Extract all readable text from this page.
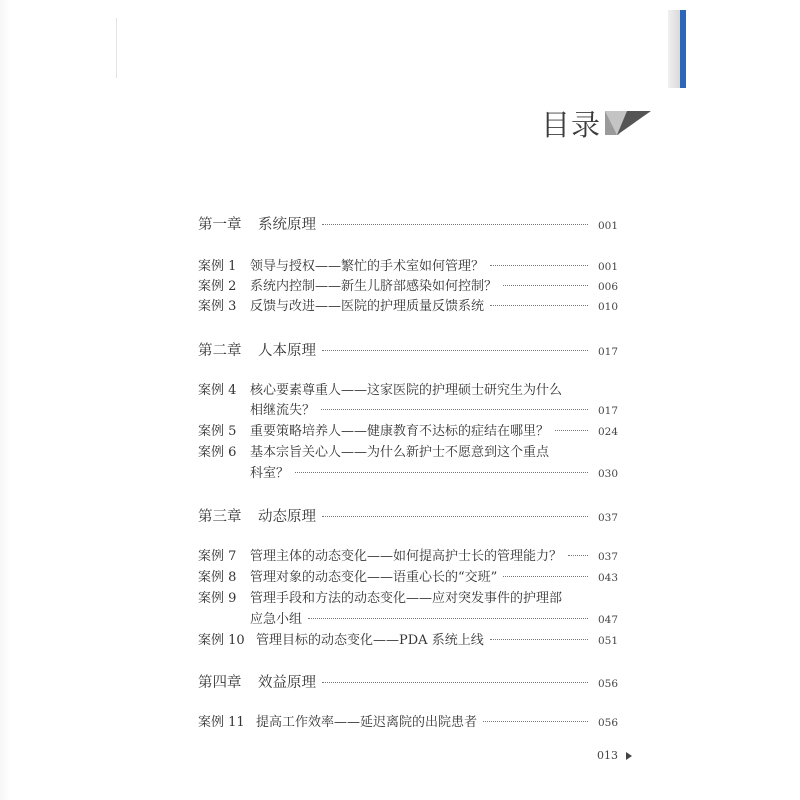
目录
第一章	系统原理	001
案例 1	领导与授权——繁忙的手术室如何管理？	001
案例 2	系统内控制——新生儿脐部感染如何控制？	006
案例 3	反馈与改进——医院的护理质量反馈系统	010
第二章	人本原理	017
案例 4	核心要素尊重人——这家医院的护理硕士研究生为什么
相继流失？	017
案例 5	重要策略培养人——健康教育不达标的症结在哪里？	024
案例 6	基本宗旨关心人——为什么新护士不愿意到这个重点
科室？	030
第三章	动态原理	037
案例 7	管理主体的动态变化——如何提高护士长的管理能力？	037
案例 8	管理对象的动态变化——语重心长的“交班”	043
案例 9	管理手段和方法的动态变化——应对突发事件的护理部
应急小组	047
案例 10 管理目标的动态变化——PDA 系统上线	051
第四章	效益原理	056
案例 11 提高工作效率——延迟离院的出院患者	056
013
